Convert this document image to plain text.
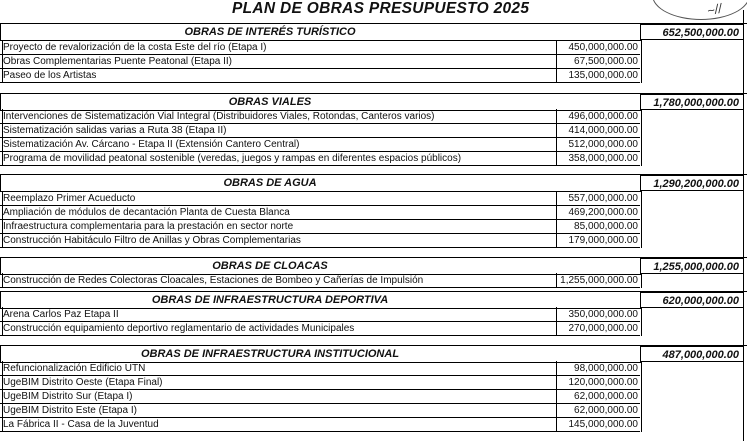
~//
PLAN DE OBRAS PRESUPUESTO 2025
OBRAS DE INTERÉS TURÍSTICO	652,500,000.00
Proyecto de revalorización de la costa Este del río (Etapa I)	450,000,000.00
Obras Complementarias Puente Peatonal (Etapa II)	67,500,000.00
Paseo de los Artistas	135,000,000.00
OBRAS VIALES	1,780,000,000.00
Intervenciones de Sistematización Vial Integral (Distribuidores Viales, Rotondas, Canteros varios)	496,000,000.00
Sistematización salidas varias a Ruta 38 (Etapa II)	414,000,000.00
Sistematización Av. Cárcano - Etapa II (Extensión Cantero Central)	512,000,000.00
Programa de movilidad peatonal sostenible (veredas, juegos y rampas en diferentes espacios públicos)	358,000,000.00
OBRAS DE AGUA	1,290,200,000.00
Reemplazo Primer Acueducto	557,000,000.00
Ampliación de módulos de decantación Planta de Cuesta Blanca	469,200,000.00
Infraestructura complementaria para la prestación en sector norte	85,000,000.00
Construcción Habitáculo Filtro de Anillas y Obras Complementarias	179,000,000.00
OBRAS DE CLOACAS	1,255,000,000.00
Construcción de Redes Colectoras Cloacales, Estaciones de Bombeo y Cañerías de Impulsión	1,255,000,000.00
OBRAS DE INFRAESTRUCTURA DEPORTIVA	620,000,000.00
Arena Carlos Paz Etapa II	350,000,000.00
Construcción equipamiento deportivo reglamentario de actividades Municipales	270,000,000.00
OBRAS DE INFRAESTRUCTURA INSTITUCIONAL	487,000,000.00
Refuncionalización Edificio UTN	98,000,000.00
UgeBIM Distrito Oeste (Etapa Final)	120,000,000.00
UgeBIM Distrito Sur (Etapa I)	62,000,000.00
UgeBIM Distrito Este (Etapa I)	62,000,000.00
La Fábrica II - Casa de la Juventud	145,000,000.00
